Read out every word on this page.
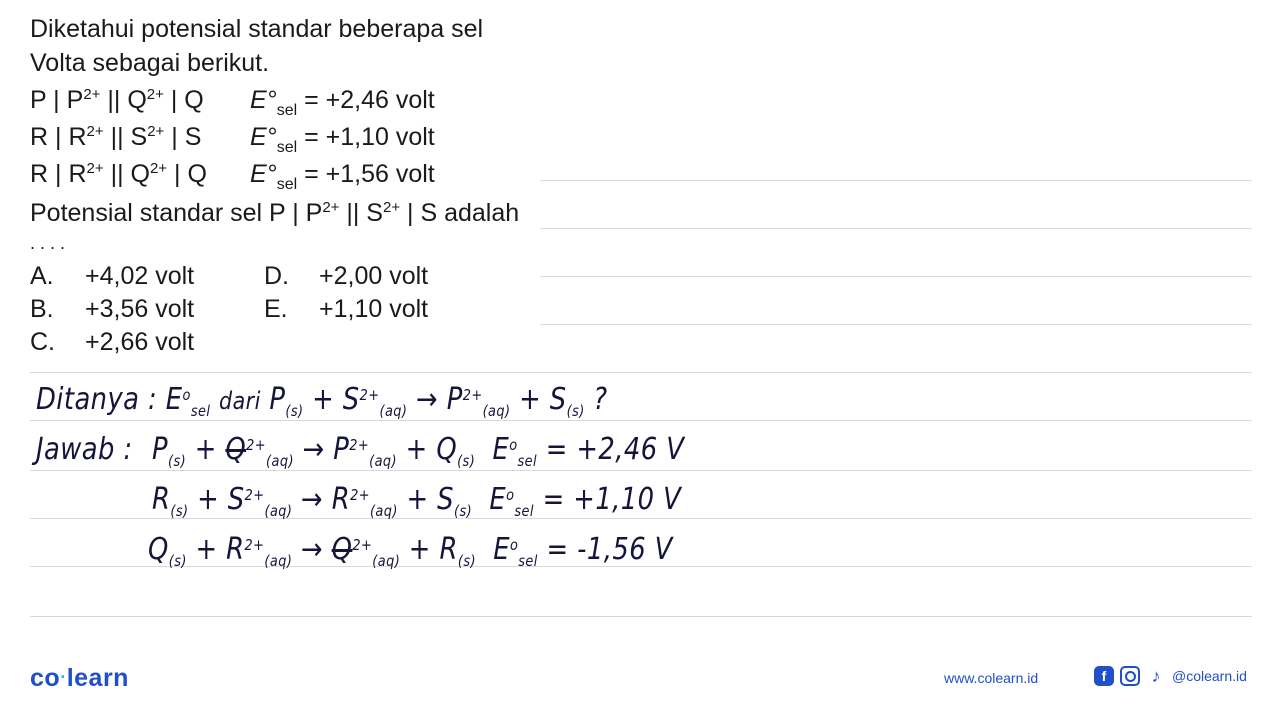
Diketahui potensial standar beberapa sel
Volta sebagai berikut.
P | $P^{2+}$ || $Q^{2+}$ | Q $E^\circ_{sel} = +2,46$ volt
R | $R^{2+}$ || $S^{2+}$ | S $E^\circ_{sel} = +1,10$ volt
R | $R^{2+}$ || $Q^{2+}$ | Q $E^\circ_{sel} = +1,56$ volt
Potensial standar sel P | $P^{2+}$ || $S^{2+}$ | S adalah
. . . .
A. +4,02 volt	D. +2,00 volt
B. +3,56 volt	E. +1,10 volt
C. +2,66 volt
Ditanya : $E^o_{sel}$ dari $P_{(s)} + S^{2+}_{(aq)} \to P^{2+}_{(aq)} + S_{(s)}$ ?
Jawab : $P_{(s)} + Q^{2+}_{(aq)} \to P^{2+}_{(aq)} + Q_{(s)}$ $E^o_{sel} = +2,46$ V
$R_{(s)} + S^{2+}_{(aq)} \to R^{2+}_{(aq)} + S_{(s)}$ $E^o_{sel} = +1,10$ V
$Q_{(s)} + R^{2+}_{(aq)} \to Q^{2+}_{(aq)} + R_{(s)}$ $E^o_{sel} = -1,56$ V
co·learn	www.colearn.id	f	♪ @colearn.id
